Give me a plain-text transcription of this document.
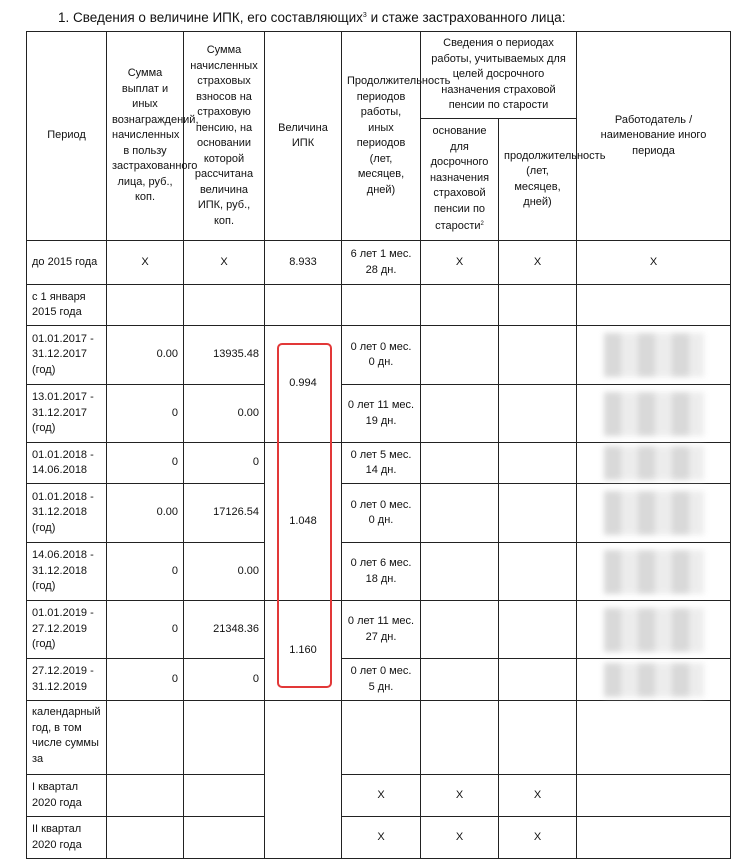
1. Сведения о величине ИПК, его составляющих$^3$ и стаже застрахованного лица:
Период	Сумма выплат и иных вознаграждений, начисленных в пользу застрахованного лица, руб., коп.	Сумма начисленных страховых взносов на страховую пенсию, на основании которой рассчитана величина ИПК, руб., коп.	Величина ИПК	Продолжительность периодов работы, иных периодов (лет, месяцев, дней)	Сведения о периодах работы, учитываемых для целей досрочного назначения страховой пенсии по старости		Работодатель / наименование иного периода
					основание для досрочного назначения страховой пенсии по старости$^2$	продолжительность (лет, месяцев, дней)	
до 2015 года	X	X	8.933	6 лет 1 мес. 28 дн.	X	X	X
с 1 января 2015 года							
01.01.2017 - 31.12.2017 (год)	0.00	13935.48	0.994	0 лет 0 мес. 0 дн.			

13.01.2017 - 31.12.2017 (год)	0	0.00		0 лет 11 мес. 19 дн.			

01.01.2018 - 14.06.2018	0	0	1.048	0 лет 5 мес. 14 дн.			

01.01.2018 - 31.12.2018 (год)	0.00	17126.54		0 лет 0 мес. 0 дн.			

14.06.2018 - 31.12.2018 (год)	0	0.00		0 лет 6 мес. 18 дн.			

01.01.2019 - 27.12.2019 (год)	0	21348.36	1.160	0 лет 11 мес. 27 дн.			

27.12.2019 - 31.12.2019	0	0		0 лет 0 мес. 5 дн.			

календарный год, в том числе суммы за							
I квартал 2020 года				X	X	X	
II квартал 2020 года				X	X	X	
